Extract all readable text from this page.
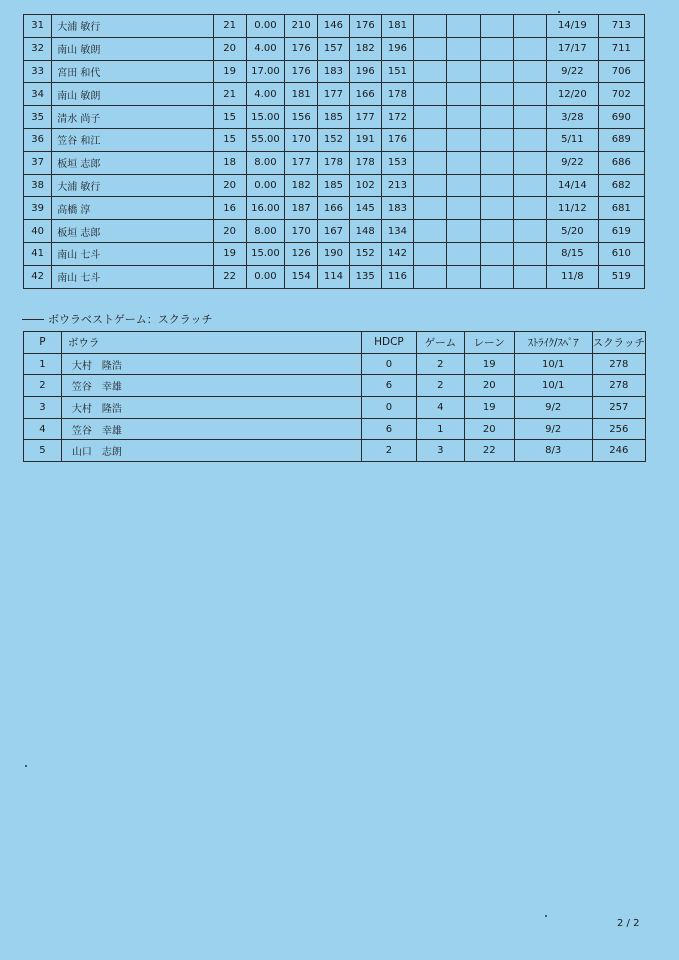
31	大浦 敏行	21	0.00	210	146	176	181					14/19	713
32	南山 敏朗	20	4.00	176	157	182	196					17/17	711
33	宮田 和代	19	17.00	176	183	196	151					9/22	706
34	南山 敏朗	21	4.00	181	177	166	178					12/20	702
35	清水 尚子	15	15.00	156	185	177	172					3/28	690
36	笠谷 和江	15	55.00	170	152	191	176					5/11	689
37	板垣 志郎	18	8.00	177	178	178	153					9/22	686
38	大浦 敏行	20	0.00	182	185	102	213					14/14	682
39	高橋 淳	16	16.00	187	166	145	183					11/12	681
40	板垣 志郎	20	8.00	170	167	148	134					5/20	619
41	南山 七斗	19	15.00	126	190	152	142					8/15	610
42	南山 七斗	22	0.00	154	114	135	116					11/8	519
ボウラベストゲーム：スクラッチ
P	ボウラ	HDCP	ゲーム	レーン	ｽﾄﾗｲｸ/ｽﾍﾟｱ	スクラッチ
1	大村　隆浩	0	2	19	10/1	278
2	笠谷　幸雄	6	2	20	10/1	278
3	大村　隆浩	0	4	19	9/2	257
4	笠谷　幸雄	6	1	20	9/2	256
5	山口　志朗	2	3	22	8/3	246
2 / 2
